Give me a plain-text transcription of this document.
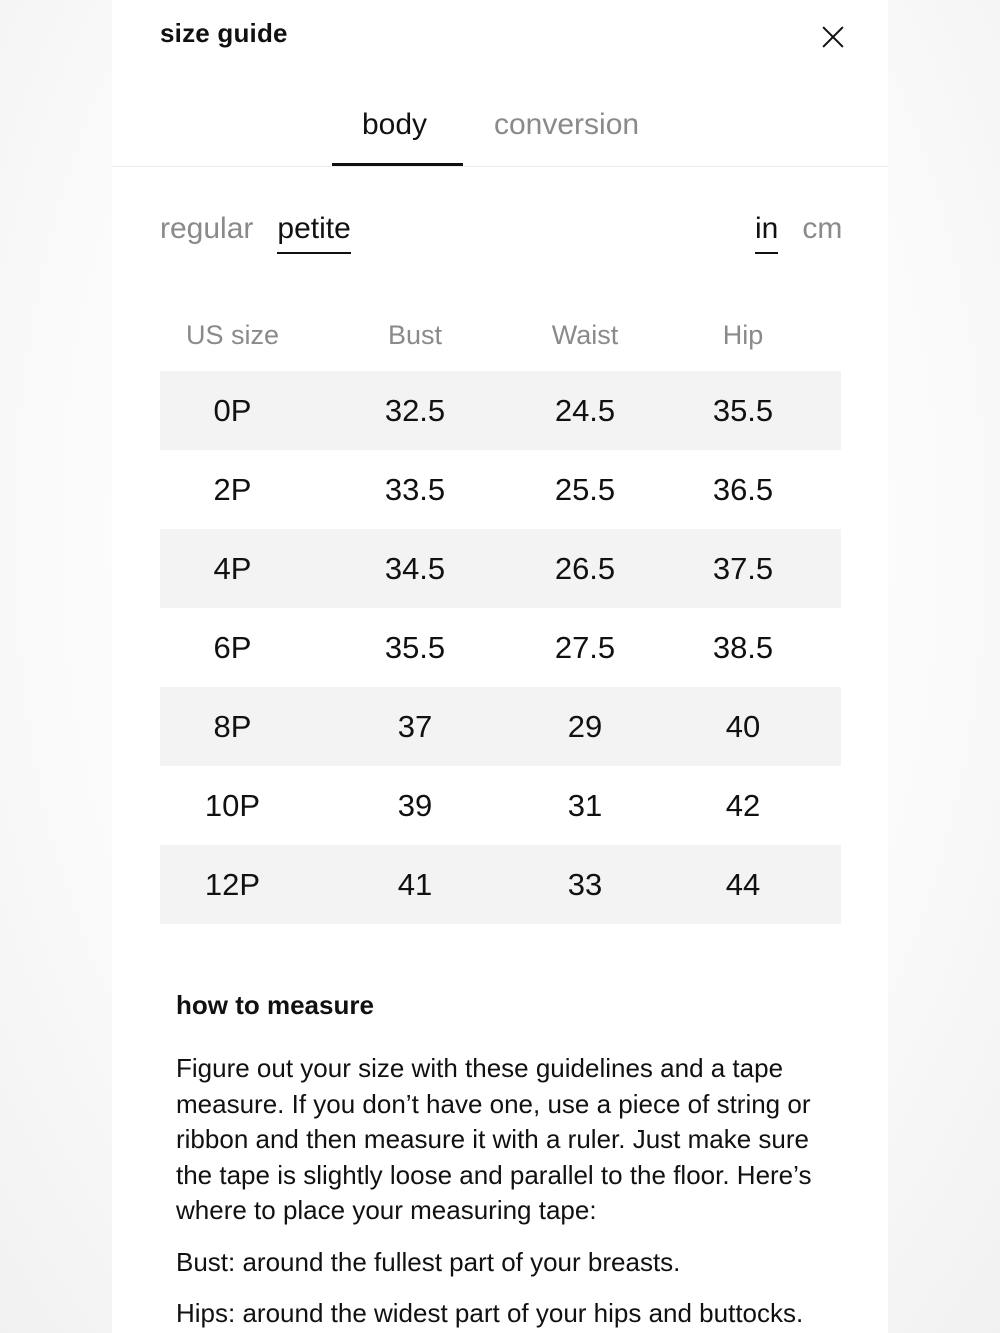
size guide
body conversion
regular petite	in cm
US size	Bust	Waist	Hip
0P	32.5	24.5	35.5
2P	33.5	25.5	36.5
4P	34.5	26.5	37.5
6P	35.5	27.5	38.5
8P	37	29	40
10P	39	31	42
12P	41	33	44
how to measure

Figure out your size with these guidelines and a tape measure. If you don’t have one, use a piece of string or ribbon and then measure it with a ruler. Just make sure the tape is slightly loose and parallel to the floor. Here’s where to place your measuring tape:

Bust: around the fullest part of your breasts.

Hips: around the widest part of your hips and buttocks.
